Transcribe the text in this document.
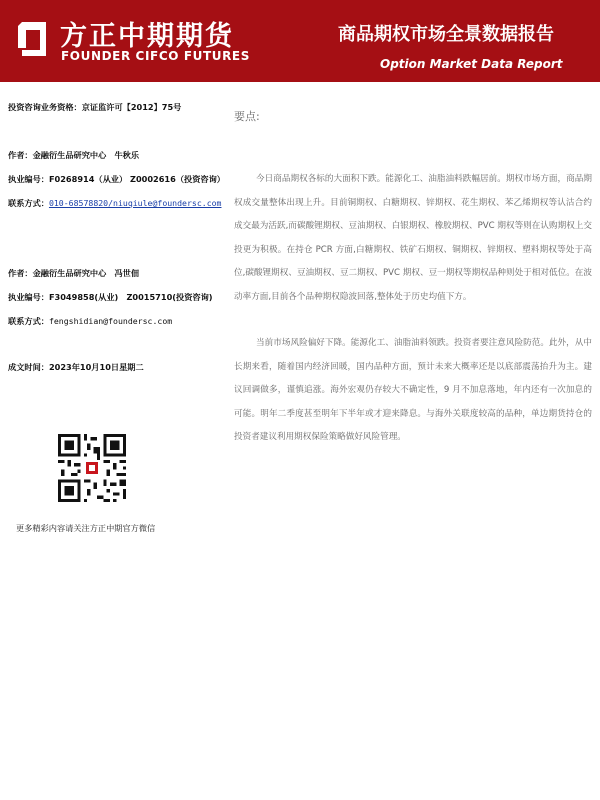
方正中期期货
FOUNDER CIFCO FUTURES
商品期权市场全景数据报告
Option Market Data Report
投资咨询业务资格：京证监许可【2012】75号
作者：金融衍生品研究中心　牛秋乐
执业编号：F0268914（从业） Z0002616（投资咨询）
联系方式：010-68578820/niuqiule@foundersc.com
作者：金融衍生品研究中心　冯世佃
执业编号：F3049858(从业)　Z0015710(投资咨询)
联系方式：fengshidian@foundersc.com
成文时间：2023年10月10日星期二
更多精彩内容请关注方正中期官方微信
要点:

今日商品期权各标的大面积下跌。能源化工、油脂油料跌幅居前。期权市场方面，商品期权成交量整体出现上升。目前铜期权、白糖期权、锌期权、花生期权、苯乙烯期权等认沽合约成交最为活跃,而碳酸锂期权、豆油期权、白银期权、橡胶期权、PVC 期权等则在认购期权上交投更为积极。在持仓 PCR 方面,白糖期权、铁矿石期权、铜期权、锌期权、塑料期权等处于高位,碳酸锂期权、豆油期权、豆二期权、PVC 期权、豆一期权等期权品种则处于相对低位。在波动率方面,目前各个品种期权隐波回落,整体处于历史均值下方。

当前市场风险偏好下降。能源化工、油脂油料领跌。投资者要注意风险防范。此外，从中长期来看，随着国内经济回暖，国内品种方面，预计未来大概率还是以底部震荡抬升为主。建议回调做多，谨慎追涨。海外宏观仍存较大不确定性，9 月不加息落地，年内还有一次加息的可能。明年二季度甚至明年下半年或才迎来降息。与海外关联度较高的品种，单边期货持仓的投资者建议利用期权保险策略做好风险管理。
